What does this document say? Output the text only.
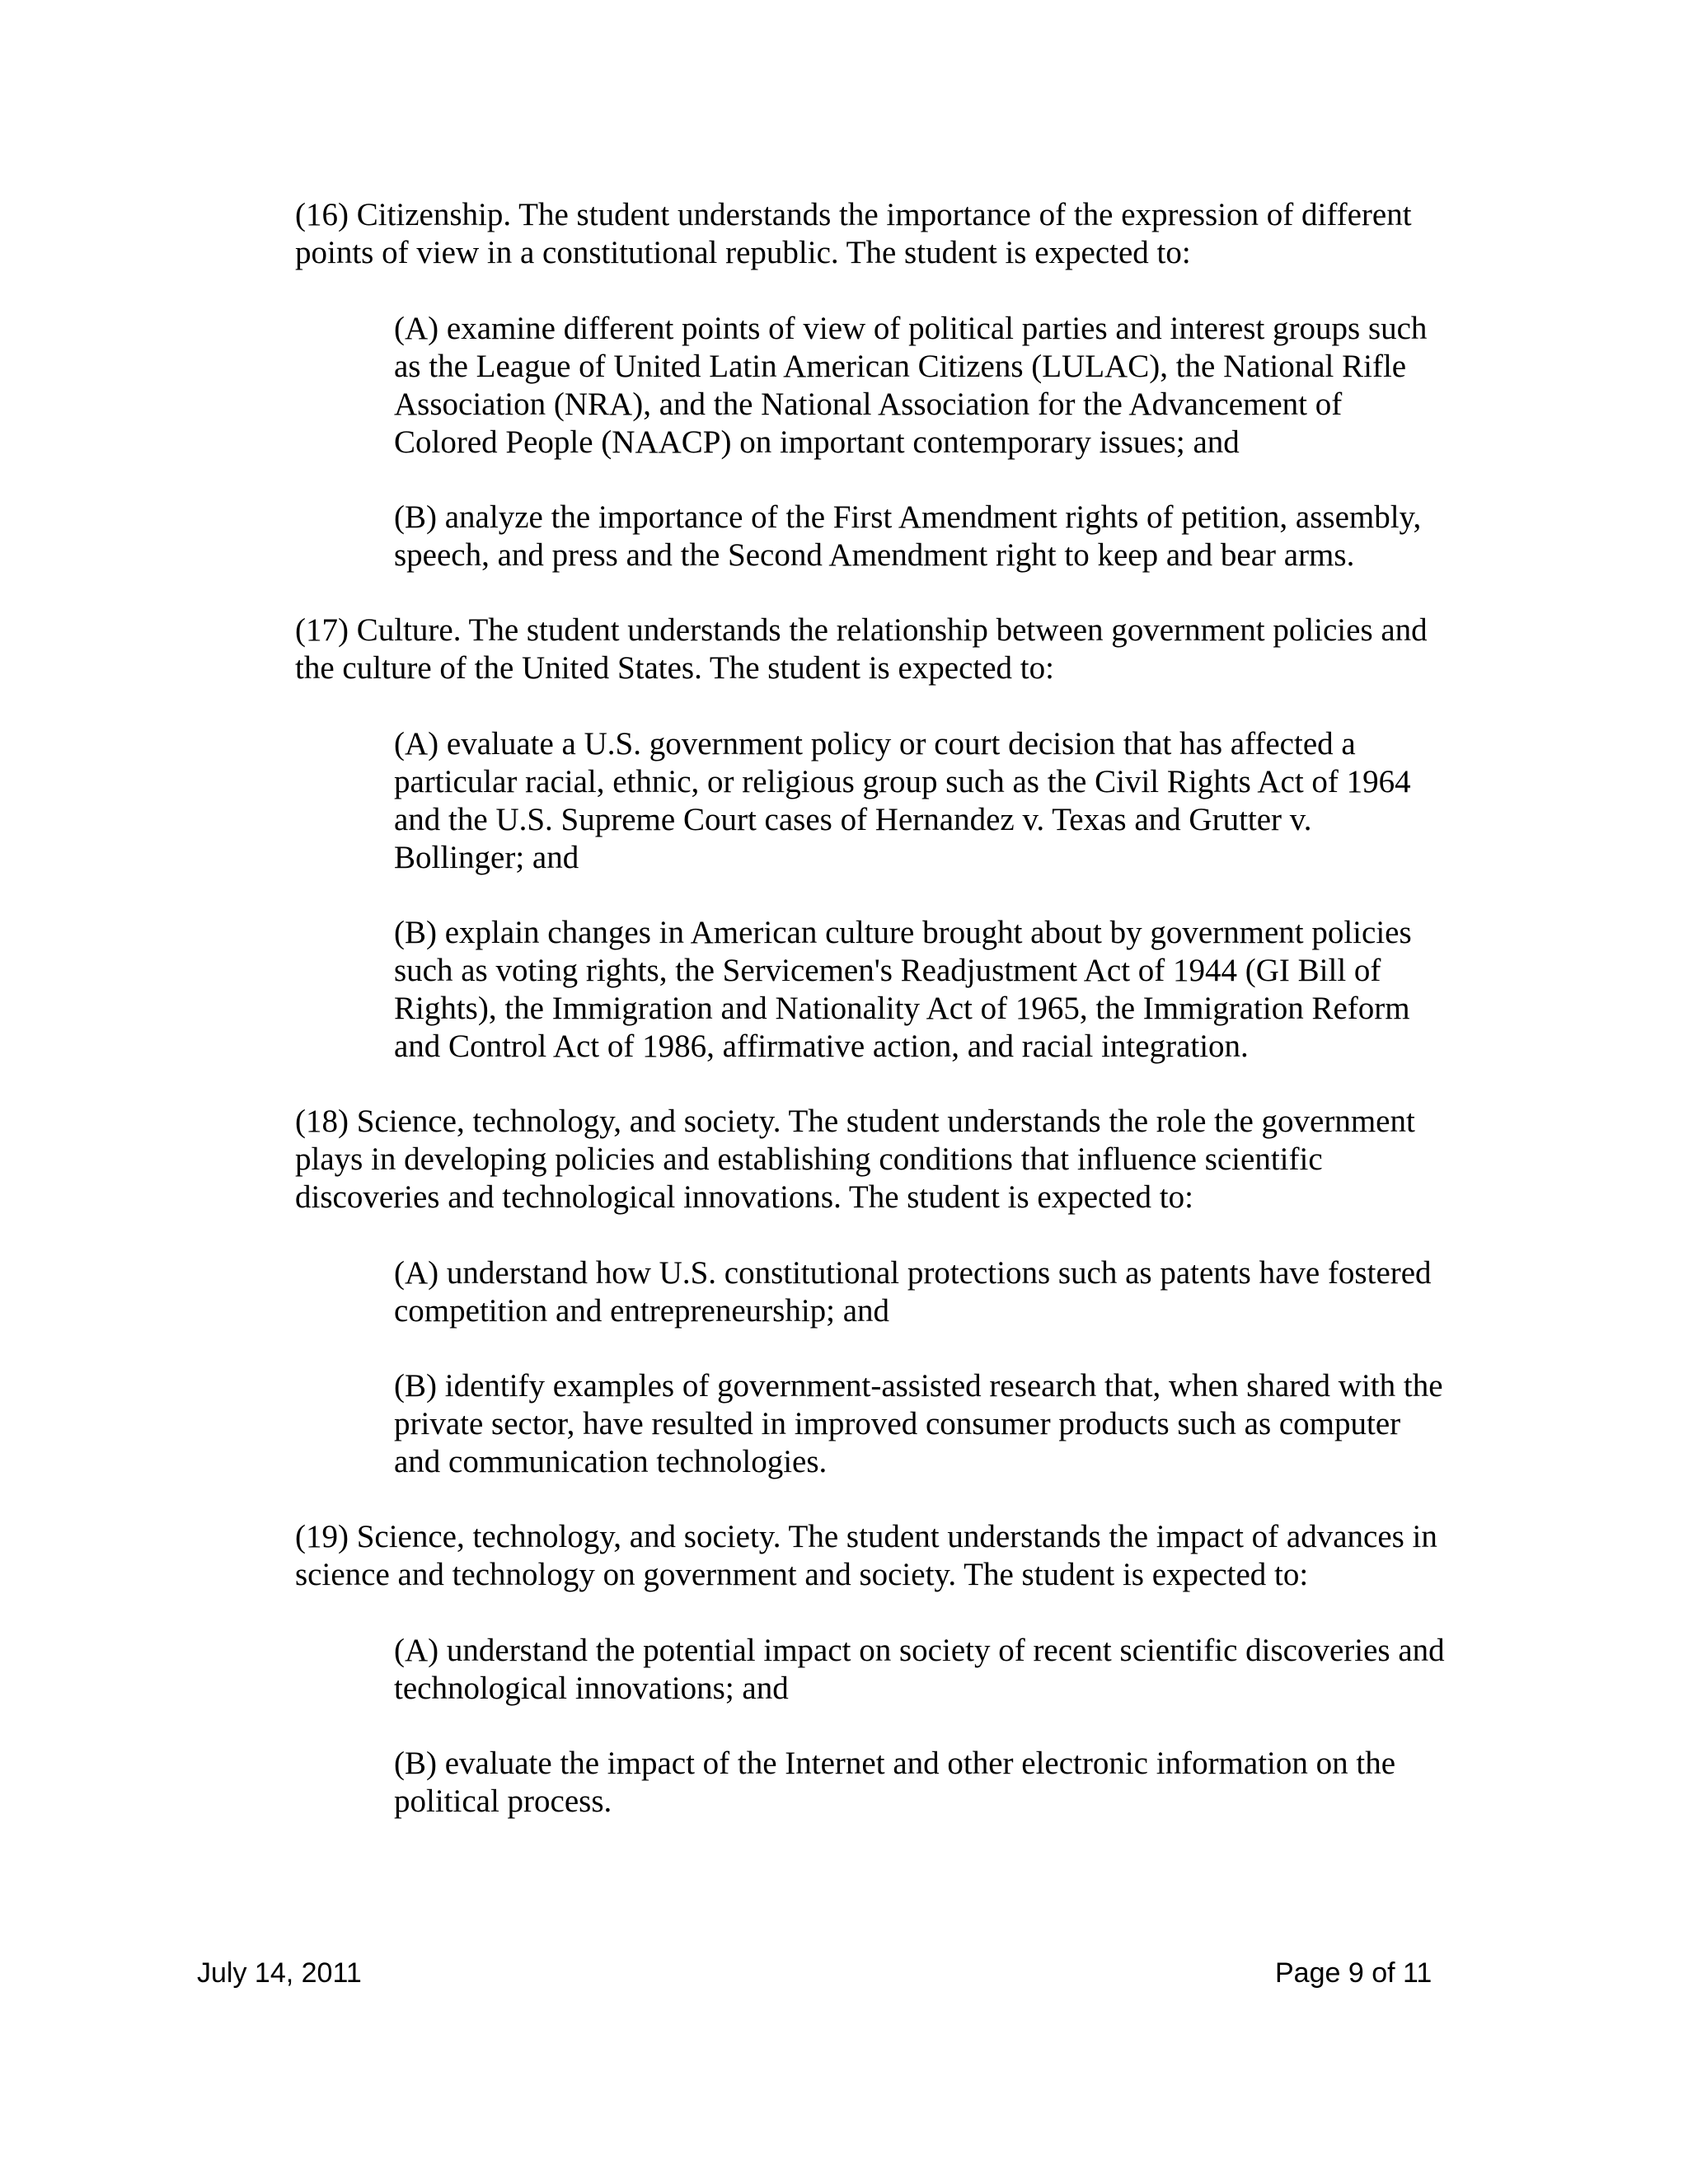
(16) Citizenship. The student understands the importance of the expression of different
points of view in a constitutional republic. The student is expected to:

(A) examine different points of view of political parties and interest groups such
as the League of United Latin American Citizens (LULAC), the National Rifle
Association (NRA), and the National Association for the Advancement of
Colored People (NAACP) on important contemporary issues; and

(B) analyze the importance of the First Amendment rights of petition, assembly,
speech, and press and the Second Amendment right to keep and bear arms.

(17) Culture. The student understands the relationship between government policies and
the culture of the United States. The student is expected to:

(A) evaluate a U.S. government policy or court decision that has affected a
particular racial, ethnic, or religious group such as the Civil Rights Act of 1964
and the U.S. Supreme Court cases of Hernandez v. Texas and Grutter v.
Bollinger; and

(B) explain changes in American culture brought about by government policies
such as voting rights, the Servicemen's Readjustment Act of 1944 (GI Bill of
Rights), the Immigration and Nationality Act of 1965, the Immigration Reform
and Control Act of 1986, affirmative action, and racial integration.

(18) Science, technology, and society. The student understands the role the government
plays in developing policies and establishing conditions that influence scientific
discoveries and technological innovations. The student is expected to:

(A) understand how U.S. constitutional protections such as patents have fostered
competition and entrepreneurship; and

(B) identify examples of government-assisted research that, when shared with the
private sector, have resulted in improved consumer products such as computer
and communication technologies.

(19) Science, technology, and society. The student understands the impact of advances in
science and technology on government and society. The student is expected to:

(A) understand the potential impact on society of recent scientific discoveries and
technological innovations; and

(B) evaluate the impact of the Internet and other electronic information on the
political process.

July 14, 2011	Page 9 of 11
